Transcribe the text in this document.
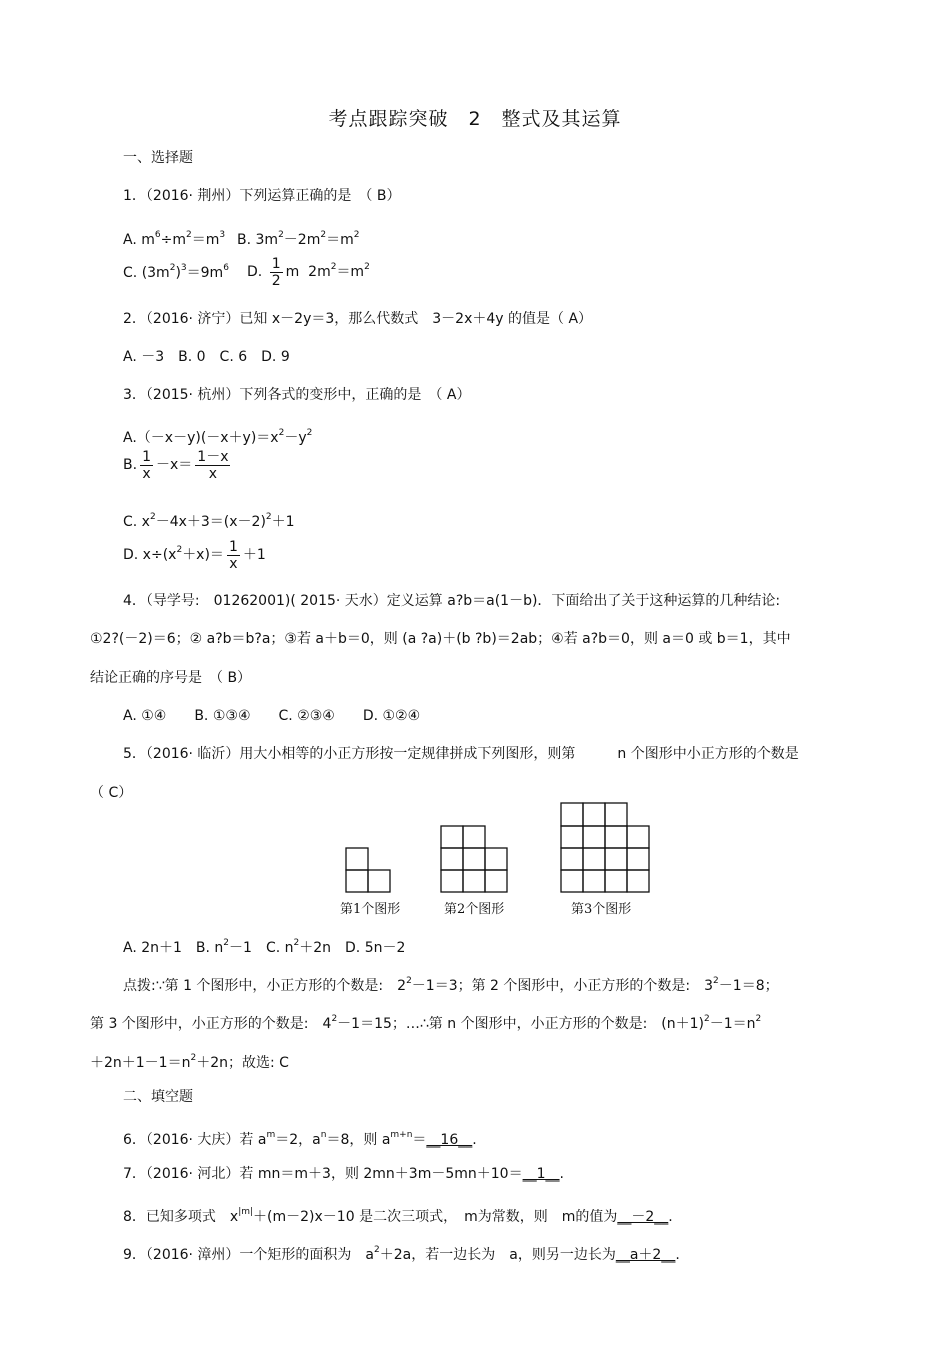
考点跟踪突破　2　整式及其运算
一、选择题
1．（2016· 荆州）下列运算正确的是　（ B）
A. $m^6\div m^2=m^3$ B. $3m^2-2m^2=m^2$
C. $(3m^2)^3=9m^6$ D. $\frac{1}{2}$ m $2m^2=m^2$
2．（2016· 济宁）已知 x－2y＝3，那么代数式　3－2x＋4y 的值是（ A）
A. －3　B. 0　C. 6　D. 9
3．（2015· 杭州）下列各式的变形中，正确的是　（ A）
$A.(-x-y)(-x+y)=x^2-y^2$
B. $\frac{1}{x} -x= \frac{1-x}{x}$
C. $x^2-4x+3=(x-2)^2+1$
D. $x\div(x^2+x)= \frac{1}{x} +1$
4．（导学号:　01262001)( 2015· 天水）定义运算 a?b＝a(1－b)．下面给出了关于这种运算的几种结论:
①2?(－2)＝6；② a?b＝b?a；③若 a＋b＝0，则 (a ?a)＋(b ?b)＝2ab；④若 a?b＝0，则 a＝0 或 b＝1，其中
结论正确的序号是　（ B）
A. ①④　　B. ①③④　　C. ②③④　　D. ①②④
5．（2016· 临沂）用大小相等的小正方形按一定规律拼成下列图形，则第　　　n 个图形中小正方形的个数是
（ C）
第1个图形	第2个图形	第3个图形
A. 2n＋1　B. $n^2-1$　C. $n^2+2n$　D. 5n－2
点拨:∵第 1 个图形中，小正方形的个数是:　$2^2-1=3$；第 2 个图形中，小正方形的个数是:　$3^2-1=8$；
第 3 个图形中，小正方形的个数是:　$4^2-1=15$；…∴第 n 个图形中，小正方形的个数是:　$(n+1)^2-1=n^2$
$+2n+1-1=n^2+2n$；故选: C
二、填空题
6．（2016· 大庆）若 $a^m=2$，$a^n=8$，则 $a^{m+n}=\_\_16\_\_$.
7．（2016· 河北）若 mn＝m＋3，则 2mn＋3m－5mn＋10＝__1__.
8．已知多项式　$x^{|m|}+(m-2)x-10$ 是二次三项式，　m为常数，则　m的值为__－2__.
9．（2016· 漳州）一个矩形的面积为　$a^2+2a$，若一边长为　a，则另一边长为__a＋2__.
